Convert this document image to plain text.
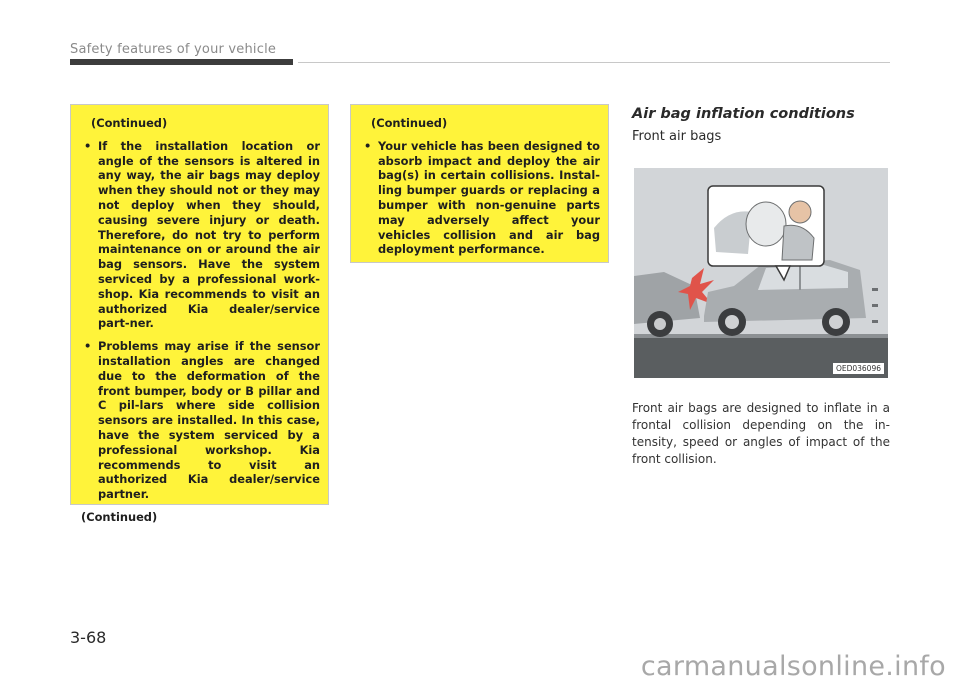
Safety features of your vehicle
(Continued)
• If the installation location or angle of the sensors is altered in any way, the air bags may deploy when they should not or they may not deploy when they should, causing severe injury or death. Therefore, do not try to perform maintenance on or around the air bag sensors. Have the system serviced by a professional work-shop. Kia recommends to visit an authorized Kia dealer/service part-ner.
• Problems may arise if the sensor installation angles are changed due to the deformation of the front bumper, body or B pillar and C pil-lars where side collision sensors are installed. In this case, have the system serviced by a professional workshop. Kia recommends to visit an authorized Kia dealer/service partner.
(Continued)
(Continued)
• Your vehicle has been designed to absorb impact and deploy the air bag(s) in certain collisions. Instal-ling bumper guards or replacing a bumper with non-genuine parts may adversely affect your vehicles collision and air bag deployment performance.
Air bag inflation conditions
Front air bags
OED036096
Front air bags are designed to inflate in a frontal collision depending on the in-tensity, speed or angles of impact of the front collision.
3-68
carmanualsonline.info
